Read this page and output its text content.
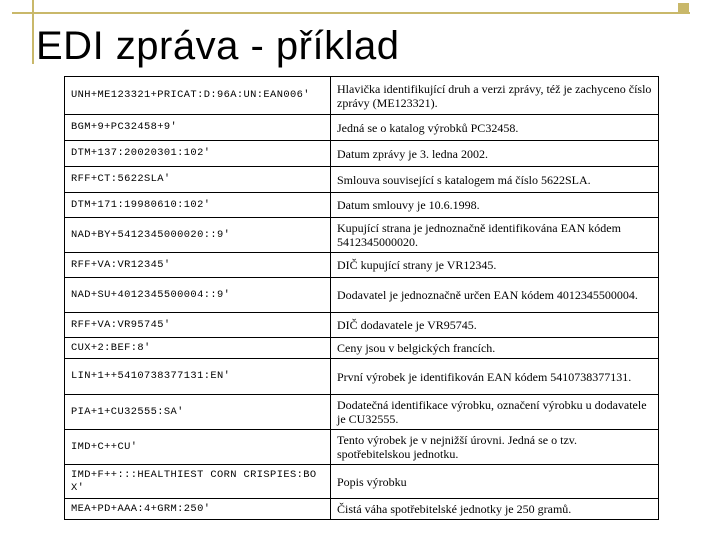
EDI zpráva - příklad
UNH+ME123321+PRICAT:D:96A:UN:EAN006'	Hlavička identifikující druh a verzi zprávy, též je zachyceno číslo zprávy (ME123321).
BGM+9+PC32458+9'	Jedná se o katalog výrobků PC32458.
DTM+137:20020301:102'	Datum zprávy je 3. ledna 2002.
RFF+CT:5622SLA'	Smlouva související s katalogem má číslo 5622SLA.
DTM+171:19980610:102'	Datum smlouvy je 10.6.1998.
NAD+BY+5412345000020::9'	Kupující strana je jednoznačně identifikována EAN kódem 5412345000020.
RFF+VA:VR12345'	DIČ kupující strany je VR12345.
NAD+SU+4012345500004::9'	Dodavatel je jednoznačně určen EAN kódem 4012345500004.
RFF+VA:VR95745'	DIČ dodavatele je VR95745.
CUX+2:BEF:8'	Ceny jsou v belgických francích.
LIN+1++5410738377131:EN'	První výrobek je identifikován EAN kódem 5410738377131.
PIA+1+CU32555:SA'	Dodatečná identifikace výrobku, označení výrobku u dodavatele je CU32555.
IMD+C++CU'	Tento výrobek je v nejnižší úrovni. Jedná se o tzv. spotřebitelskou jednotku.
IMD+F++:::HEALTHIEST CORN CRISPIES:BOX'	Popis výrobku
MEA+PD+AAA:4+GRM:250'	Čistá váha spotřebitelské jednotky je 250 gramů.
